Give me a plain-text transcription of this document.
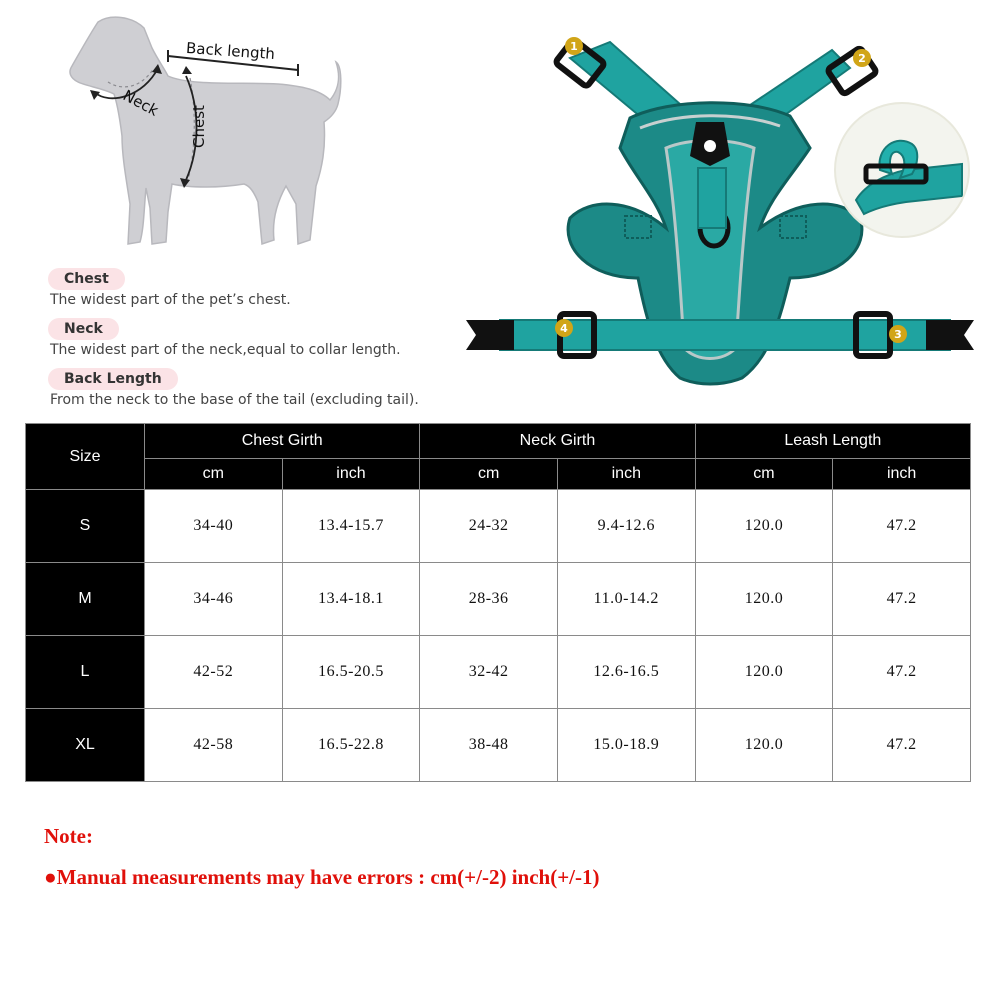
Back length
Neck
Chest
Chest
The widest part of the pet’s chest.
Neck
The widest part of the neck,equal to collar length.
Back Length
From the neck to the base of the tail (excluding tail).
1
2
3
4
Size	Chest Girth		Neck Girth		Leash Length	
	cm	inch	cm	inch	cm	inch
S	34-40	13.4-15.7	24-32	9.4-12.6	120.0	47.2
M	34-46	13.4-18.1	28-36	11.0-14.2	120.0	47.2
L	42-52	16.5-20.5	32-42	12.6-16.5	120.0	47.2
XL	42-58	16.5-22.8	38-48	15.0-18.9	120.0	47.2

Note:

●Manual measurements may have errors : cm(+/-2) inch(+/-1)
